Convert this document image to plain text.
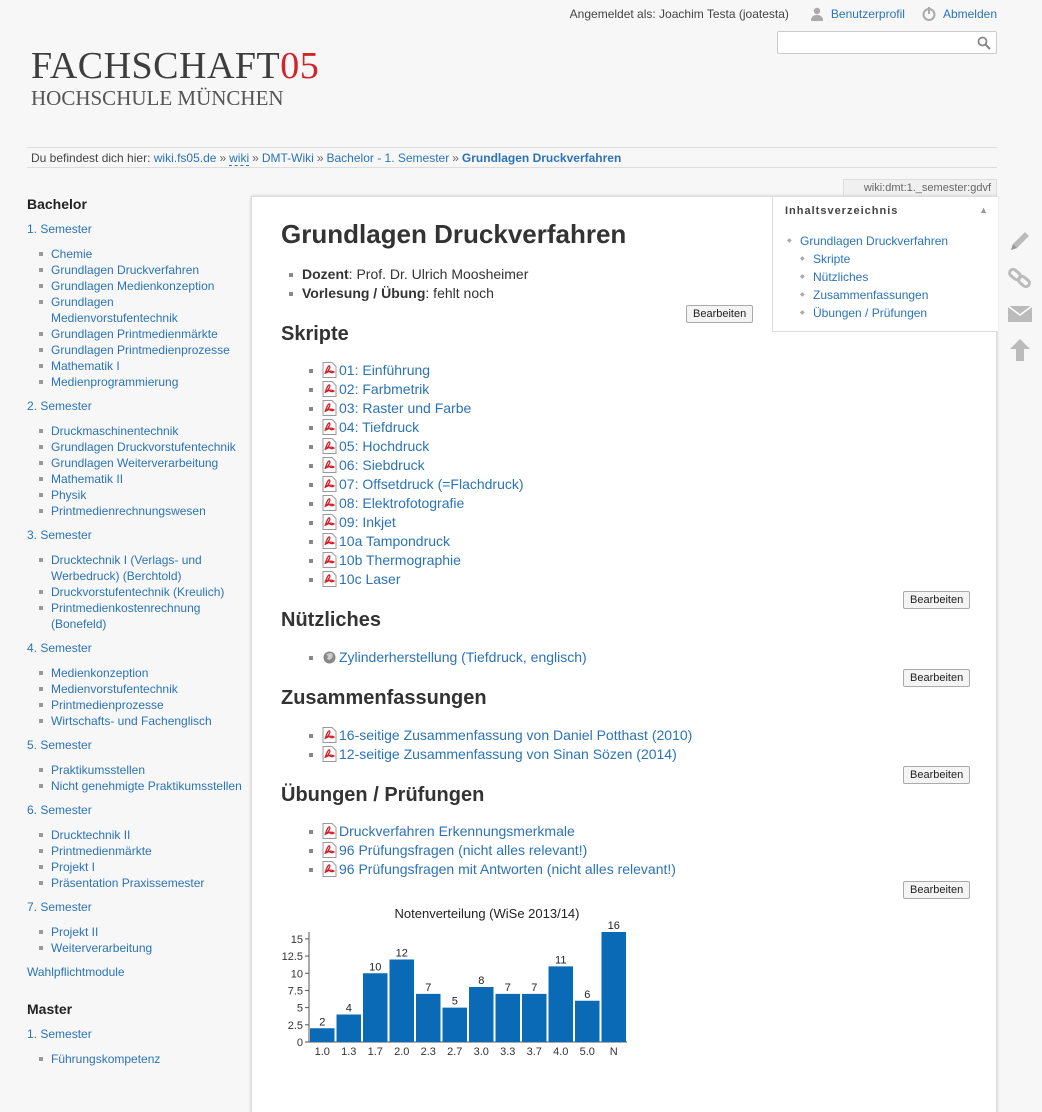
Angemeldet als: Joachim Testa (joatesta)	Benutzerprofil	Abmelden
FACHSCHAFT05
HOCHSCHULE MÜNCHEN
Du befindest dich hier: wiki.fs05.de » wiki » DMT-Wiki » Bachelor - 1. Semester » Grundlagen Druckverfahren
Bachelor
1. Semester
Chemie
Grundlagen Druckverfahren
Grundlagen Medienkonzeption
Grundlagen Medienvorstufentechnik
Grundlagen Printmedienmärkte
Grundlagen Printmedienprozesse
Mathematik I
Medienprogrammierung
2. Semester
Druckmaschinentechnik
Grundlagen Druckvorstufentechnik
Grundlagen Weiterverarbeitung
Mathematik II
Physik
Printmedienrechnungswesen
3. Semester
Drucktechnik I (Verlags- und Werbedruck) (Berchtold)
Druckvorstufentechnik (Kreulich)
Printmedienkostenrechnung (Bonefeld)
4. Semester
Medienkonzeption
Medienvorstufentechnik
Printmedienprozesse
Wirtschafts- und Fachenglisch
5. Semester
Praktikumsstellen
Nicht genehmigte Praktikumsstellen
6. Semester
Drucktechnik II
Printmedienmärkte
Projekt I
Präsentation Praxissemester
7. Semester
Projekt II
Weiterverarbeitung
Wahlpflichtmodule
Master
1. Semester
Führungskompetenz
wiki:dmt:1._semester:gdvf
Grundlagen Druckverfahren
Dozent: Prof. Dr. Ulrich Moosheimer
Vorlesung / Übung: fehlt noch
Bearbeiten
Skripte
01: Einführung
02: Farbmetrik
03: Raster und Farbe
04: Tiefdruck
05: Hochdruck
06: Siebdruck
07: Offsetdruck (=Flachdruck)
08: Elektrofotografie
09: Inkjet
10a Tampondruck
10b Thermographie
10c Laser
Bearbeiten
Nützliches
Zylinderherstellung (Tiefdruck, englisch)
Bearbeiten
Zusammenfassungen
16-seitige Zusammenfassung von Daniel Potthast (2010)
12-seitige Zusammenfassung von Sinan Sözen (2014)
Bearbeiten
Übungen / Prüfungen
Druckverfahren Erkennungsmerkmale
96 Prüfungsfragen (nicht alles relevant!)
96 Prüfungsfragen mit Antworten (nicht alles relevant!)
Bearbeiten
Inhaltsverzeichnis	▲
◆ Grundlagen Druckverfahren
◆ Skripte
◆ Nützliches
◆ Zusammenfassungen
◆ Übungen / Prüfungen
Notenverteilung (WiSe 2013/14)
0
2.5
5
7.5
10
12.5
15
2
1.0
4
1.3
10
1.7
12
2.0
7
2.3
5
2.7
8
3.0
7
3.3
7
3.7
11
4.0
6
5.0
16
N
